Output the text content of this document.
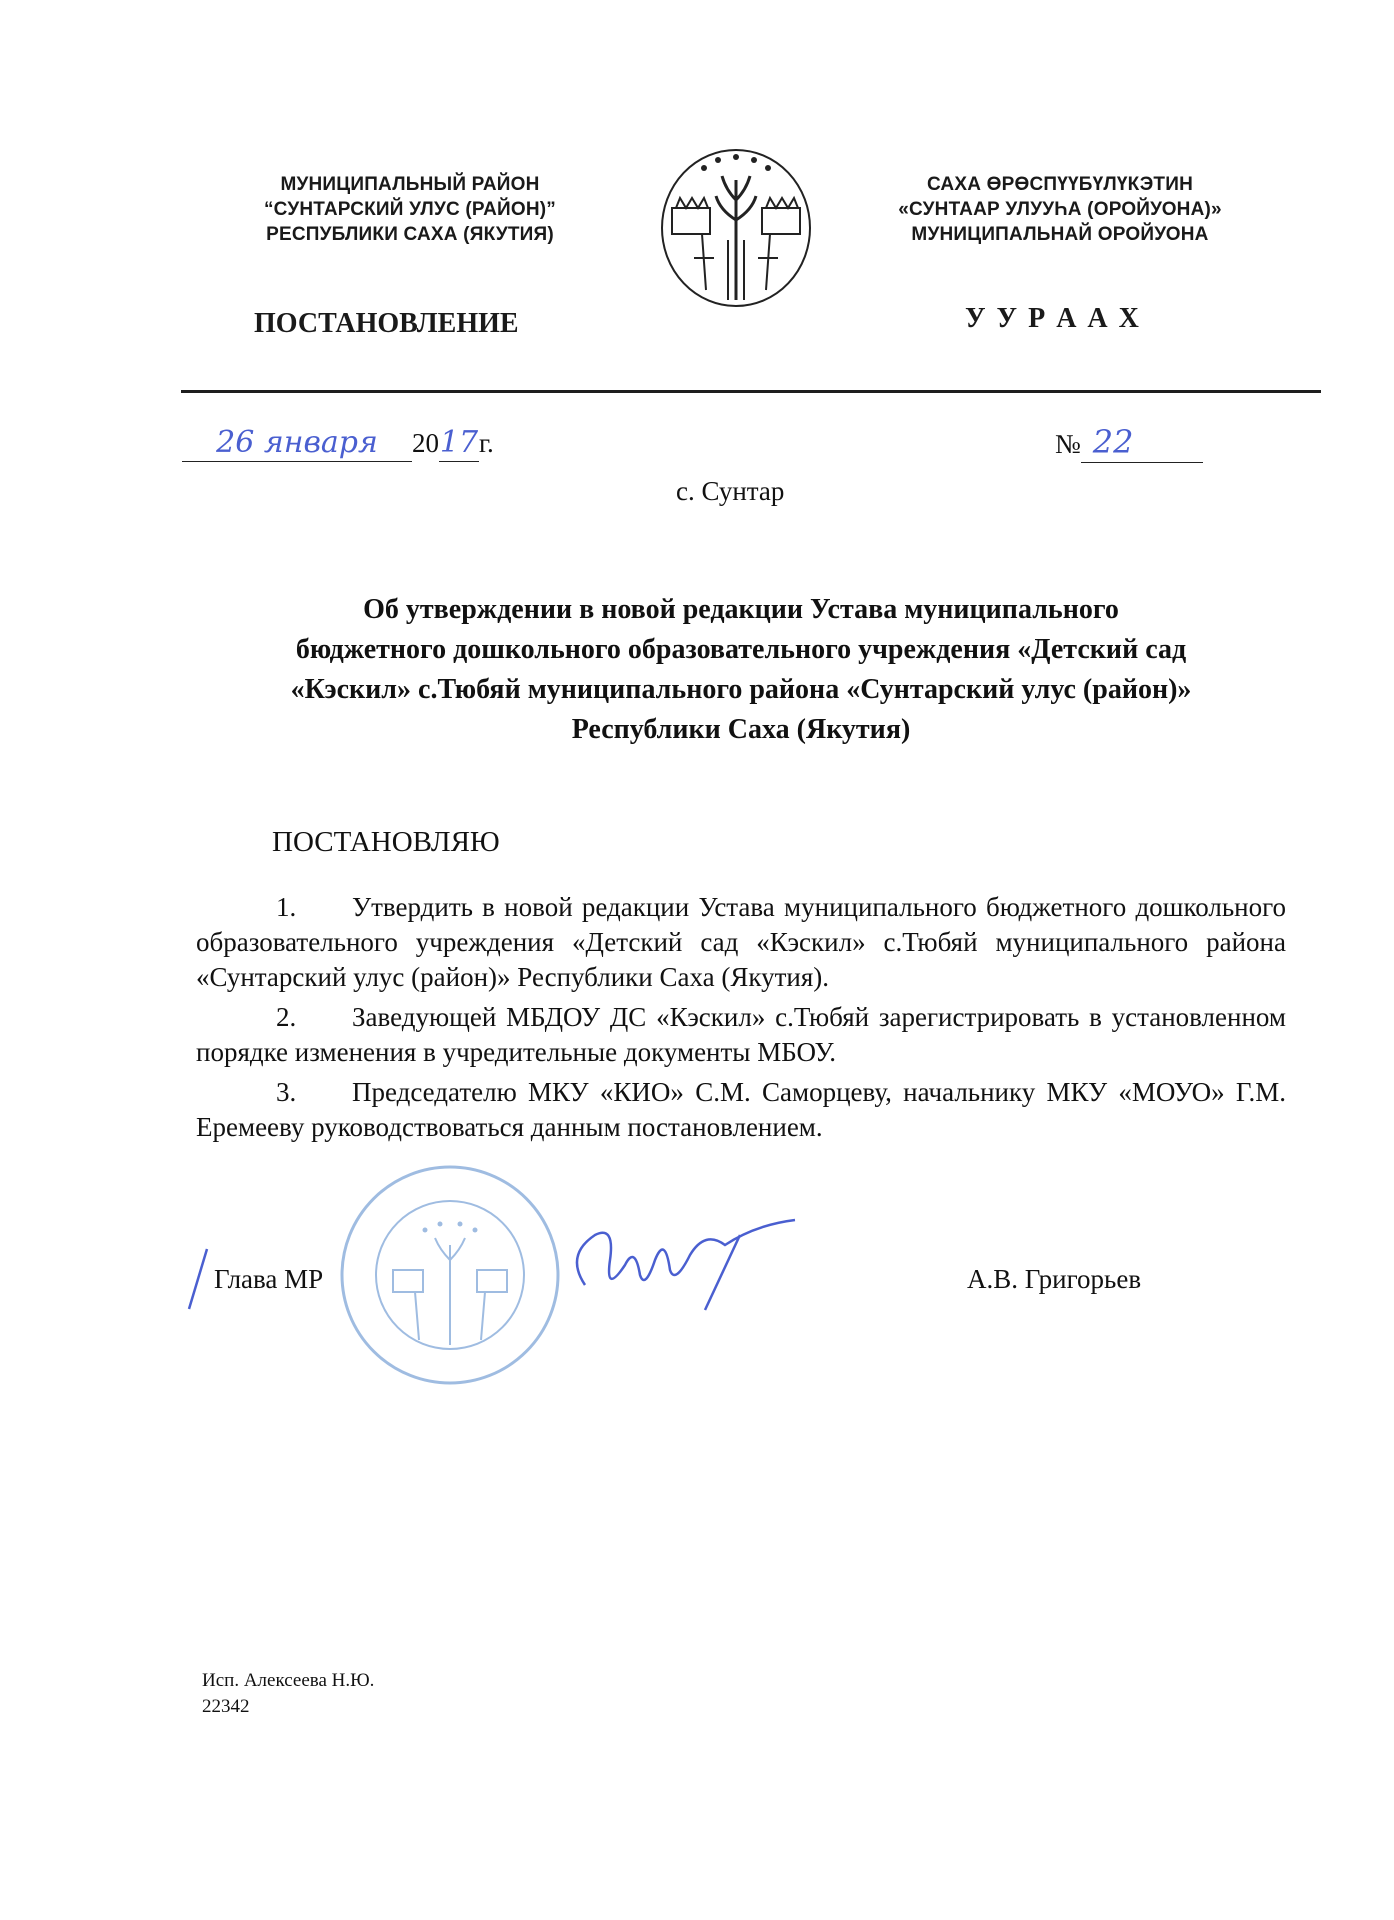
МУНИЦИПАЛЬНЫЙ РАЙОН
“СУНТАРСКИЙ УЛУС (РАЙОН)”
РЕСПУБЛИКИ САХА (ЯКУТИЯ)
САХА ӨРӨСПҮҮБҮЛҮКЭТИН
«СУНТААР УЛУУҺА (ОРОЙУОНА)»
МУНИЦИПАЛЬНАЙ ОРОЙУОНА
ПОСТАНОВЛЕНИЕ	У У Р А А Х
26 января 2017г.	№ 22
с. Сунтар
Об утверждении в новой редакции Устава муниципального
бюджетного дошкольного образовательного учреждения «Детский сад
«Кэскил» с.Тюбяй муниципального района «Сунтарский улус (район)»
Республики Саха (Якутия)
ПОСТАНОВЛЯЮ
1. Утвердить в новой редакции Устава муниципального бюджетного дошкольного образовательного учреждения «Детский сад «Кэскил» с.Тюбяй муниципального района «Сунтарский улус (район)» Республики Саха (Якутия).
2. Заведующей МБДОУ ДС «Кэскил» с.Тюбяй зарегистрировать в установленном порядке изменения в учредительные документы МБОУ.
3. Председателю МКУ «КИО» С.М. Саморцеву, начальнику МКУ «МОУО» Г.М. Еремееву руководствоваться данным постановлением.
Глава МР	А.В. Григорьев
Исп. Алексеева Н.Ю.
22342
